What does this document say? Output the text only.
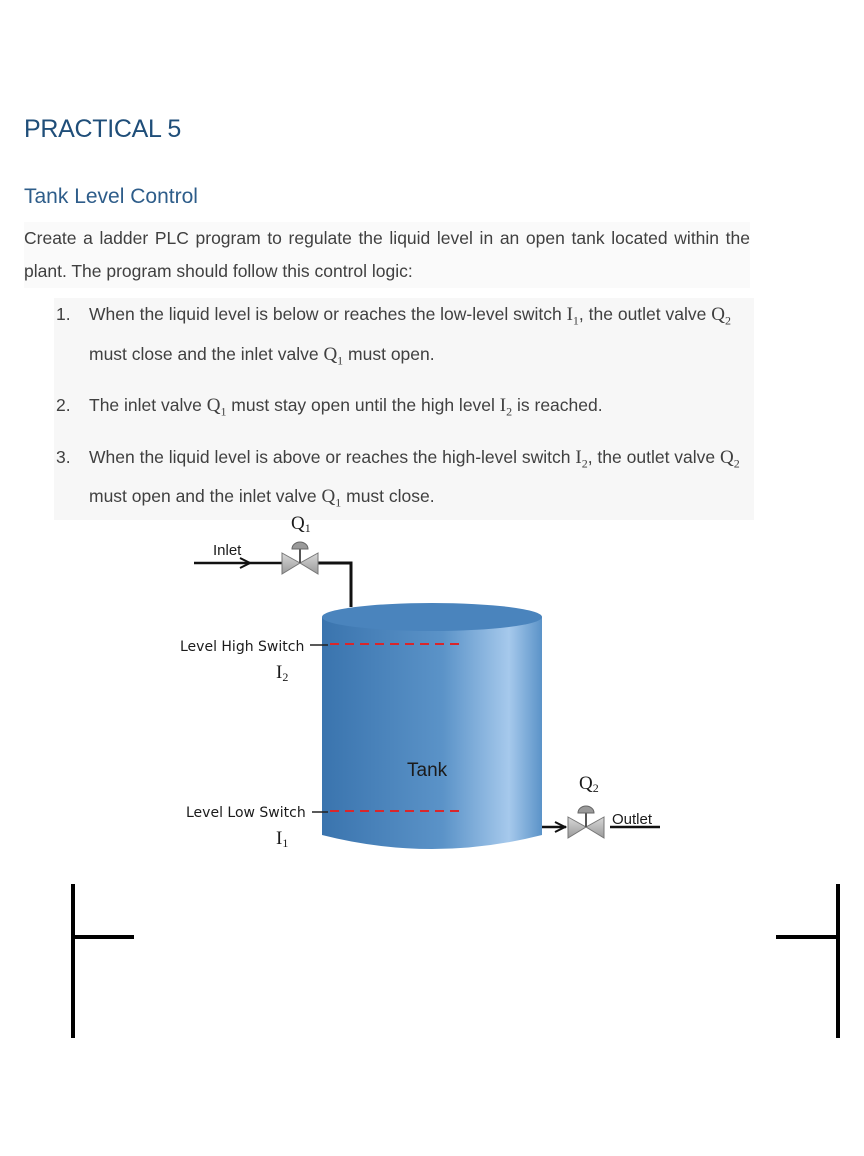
PRACTICAL 5
Tank Level Control

Create a ladder PLC program to regulate the liquid level in an open tank located within the plant. The program should follow this control logic:

1. When the liquid level is below or reaches the low-level switch $I_1$, the outlet valve $Q_2$ must close and the inlet valve $Q_1$ must open.
2. The inlet valve $Q_1$ must stay open until the high level $I_2$ is reached.
3. When the liquid level is above or reaches the high-level switch $I_2$, the outlet valve $Q_2$ must open and the inlet valve $Q_1$ must close.
Tank
Inlet
Q1
Level High Switch
I2
Level Low Switch
I1
Outlet
Q2
